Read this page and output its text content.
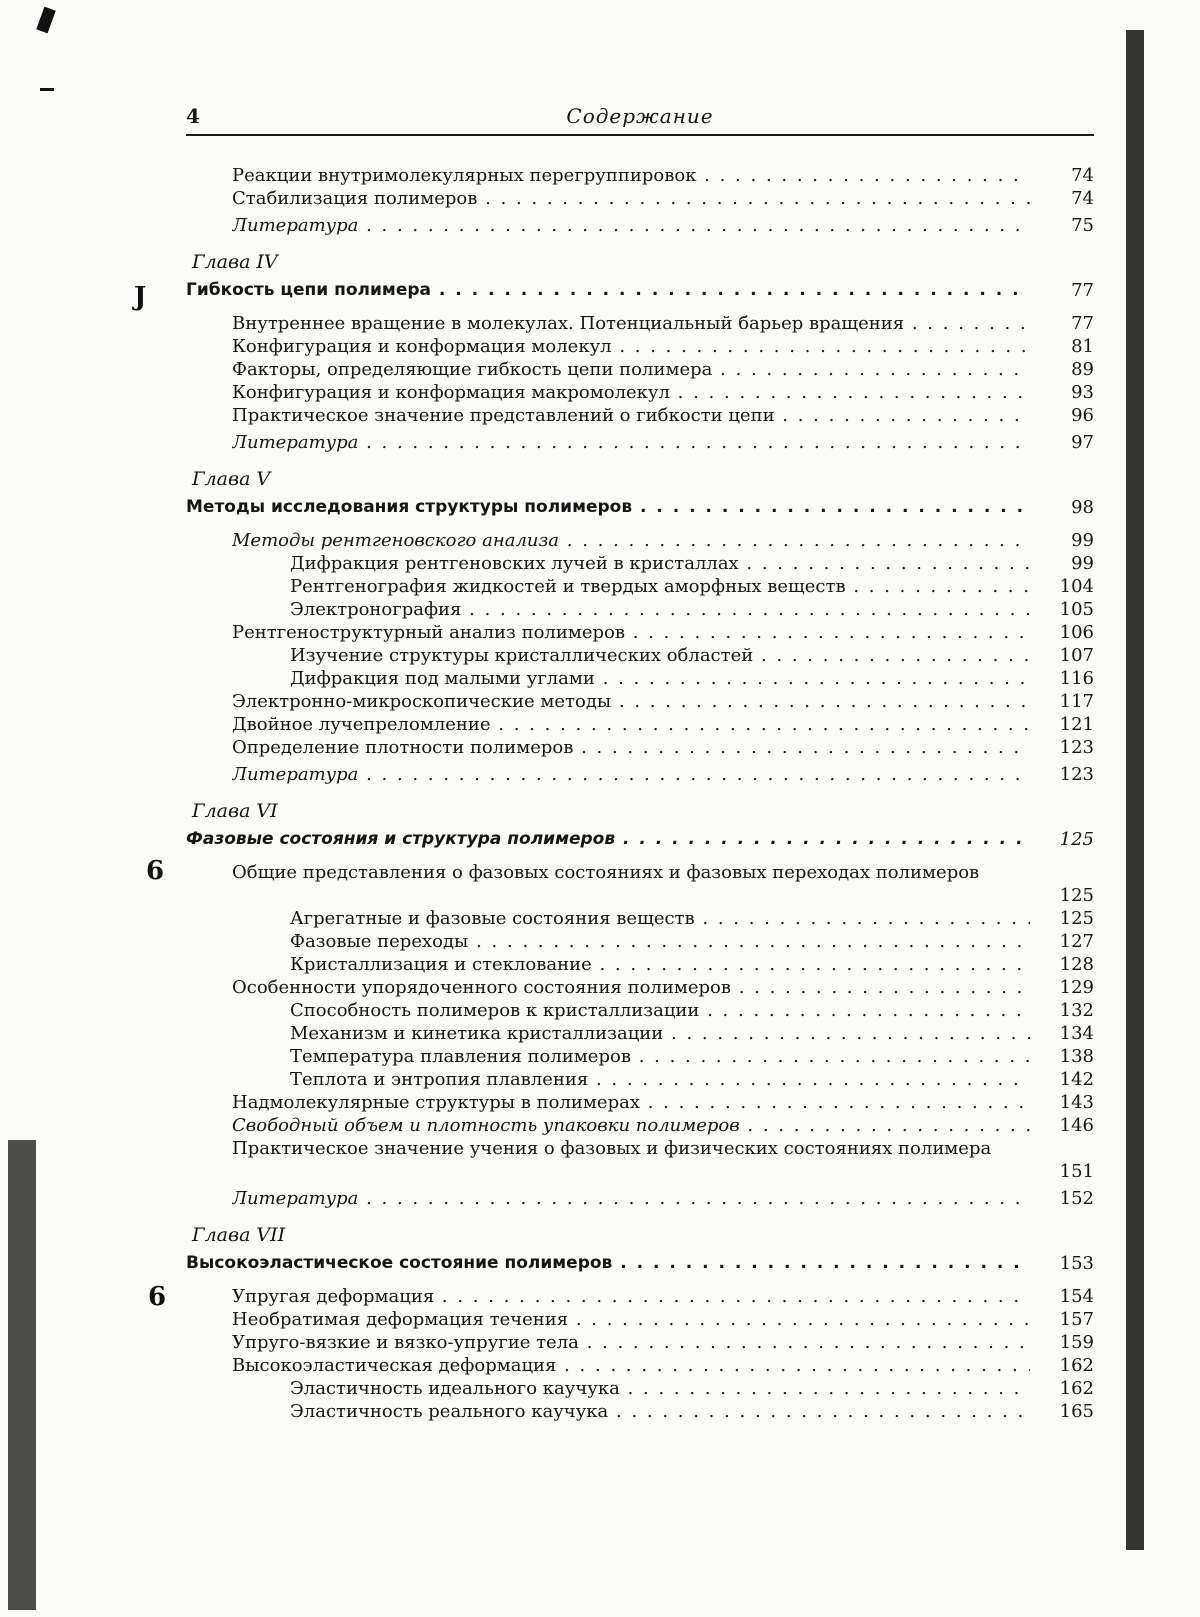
J
6
6
4	Содержание
Реакции внутримолекулярных перегруппировок . . .	74
Стабилизация полимеров . . .	74
Литература . . .	75
Глава IV
Гибкость цепи полимера . . .	77
Внутреннее вращение в молекулах. Потенциальный барьер вращения . . .	77
Конфигурация и конформация молекул . . .	81
Факторы, определяющие гибкость цепи полимера . . .	89
Конфигурация и конформация макромолекул . . .	93
Практическое значение представлений о гибкости цепи . . .	96
Литература . . .	97
Глава V
Методы исследования структуры полимеров . . .	98
Методы рентгеновского анализа . . .	99
Дифракция рентгеновских лучей в кристаллах . . .	99
Рентгенография жидкостей и твердых аморфных веществ . . .	104
Электронография . . .	105
Рентгеноструктурный анализ полимеров . . .	106
Изучение структуры кристаллических областей . . .	107
Дифракция под малыми углами . . .	116
Электронно-микроскопические методы . . .	117
Двойное лучепреломление . . .	121
Определение плотности полимеров . . .	123
Литература . . .	123
Глава VI
Фазовые состояния и структура полимеров . . .	125
Общие представления о фазовых состояниях и фазовых переходах полимеров
125
Агрегатные и фазовые состояния веществ . . .	125
Фазовые переходы . . .	127
Кристаллизация и стеклование . . .	128
Особенности упорядоченного состояния полимеров . . .	129
Способность полимеров к кристаллизации . . .	132
Механизм и кинетика кристаллизации . . .	134
Температура плавления полимеров . . .	138
Теплота и энтропия плавления . . .	142
Надмолекулярные структуры в полимерах . . .	143
Свободный объем и плотность упаковки полимеров . . .	146
Практическое значение учения о фазовых и физических состояниях полимера
151
Литература . . .	152
Глава VII
Высокоэластическое состояние полимеров . . .	153
Упругая деформация . . .	154
Необратимая деформация течения . . .	157
Упруго-вязкие и вязко-упругие тела . . .	159
Высокоэластическая деформация . . .	162
Эластичность идеального каучука . . .	162
Эластичность реального каучука . . .	165
